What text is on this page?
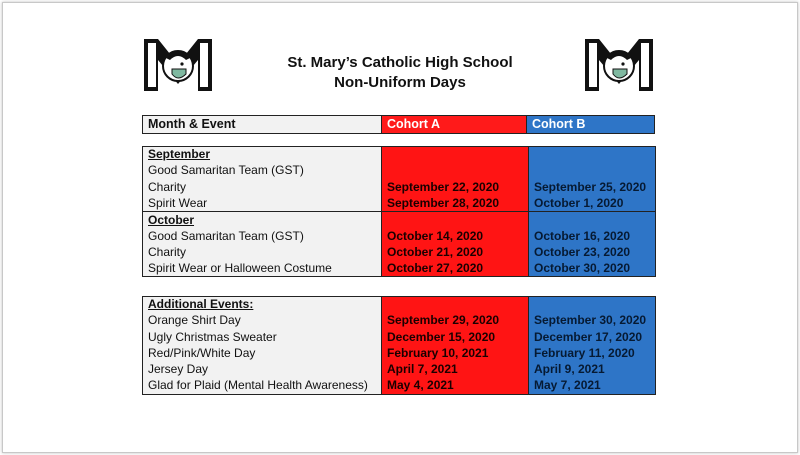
St. Mary’s Catholic High School
Non-Uniform Days
Month & Event	Cohort A	Cohort B
September		
Good Samaritan Team (GST)		
Charity	September 22, 2020	September 25, 2020
Spirit Wear	September 28, 2020	October 1, 2020
October		
Good Samaritan Team (GST)	October 14, 2020	October 16, 2020
Charity	October 21, 2020	October 23, 2020
Spirit Wear or Halloween Costume	October 27, 2020	October 30, 2020
Additional Events:		
Orange Shirt Day	September 29, 2020	September 30, 2020
Ugly Christmas Sweater	December 15, 2020	December 17, 2020
Red/Pink/White Day	February 10, 2021	February 11, 2020
Jersey Day	April 7, 2021	April 9, 2021
Glad for Plaid (Mental Health Awareness)	May 4, 2021	May 7, 2021
